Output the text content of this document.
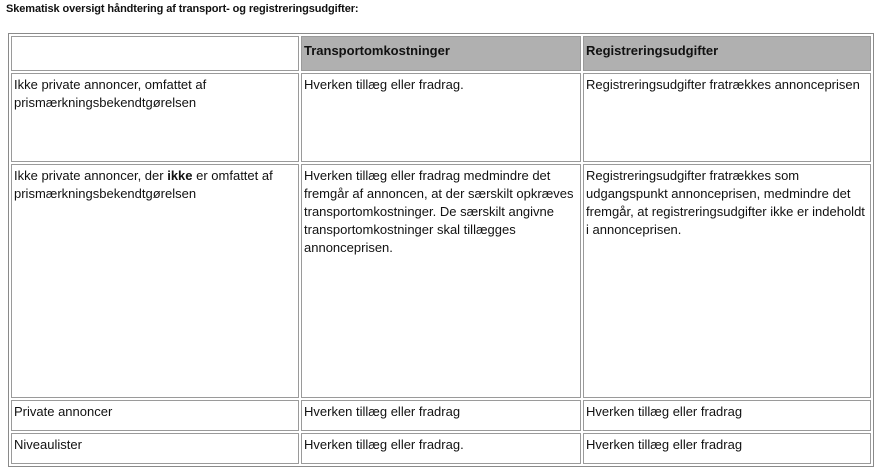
Skematisk oversigt håndtering af transport- og registreringsudgifter:
	Transportomkostninger	Registreringsudgifter
Ikke private annoncer, omfattet af prismærkningsbekendtgørelsen	Hverken tillæg eller fradrag.	Registreringsudgifter fratrækkes annonceprisen
Ikke private annoncer, der ikke er omfattet af prismærkningsbekendtgørelsen	Hverken tillæg eller fradrag medmindre det fremgår af annoncen, at der særskilt opkræves transportomkostninger. De særskilt angivne transportomkostninger skal tillægges annonceprisen.	Registreringsudgifter fratrækkes som udgangspunkt annonceprisen, medmindre det fremgår, at registreringsudgifter ikke er indeholdt i annonceprisen.
Private annoncer	Hverken tillæg eller fradrag	Hverken tillæg eller fradrag
Niveaulister	Hverken tillæg eller fradrag.	Hverken tillæg eller fradrag
